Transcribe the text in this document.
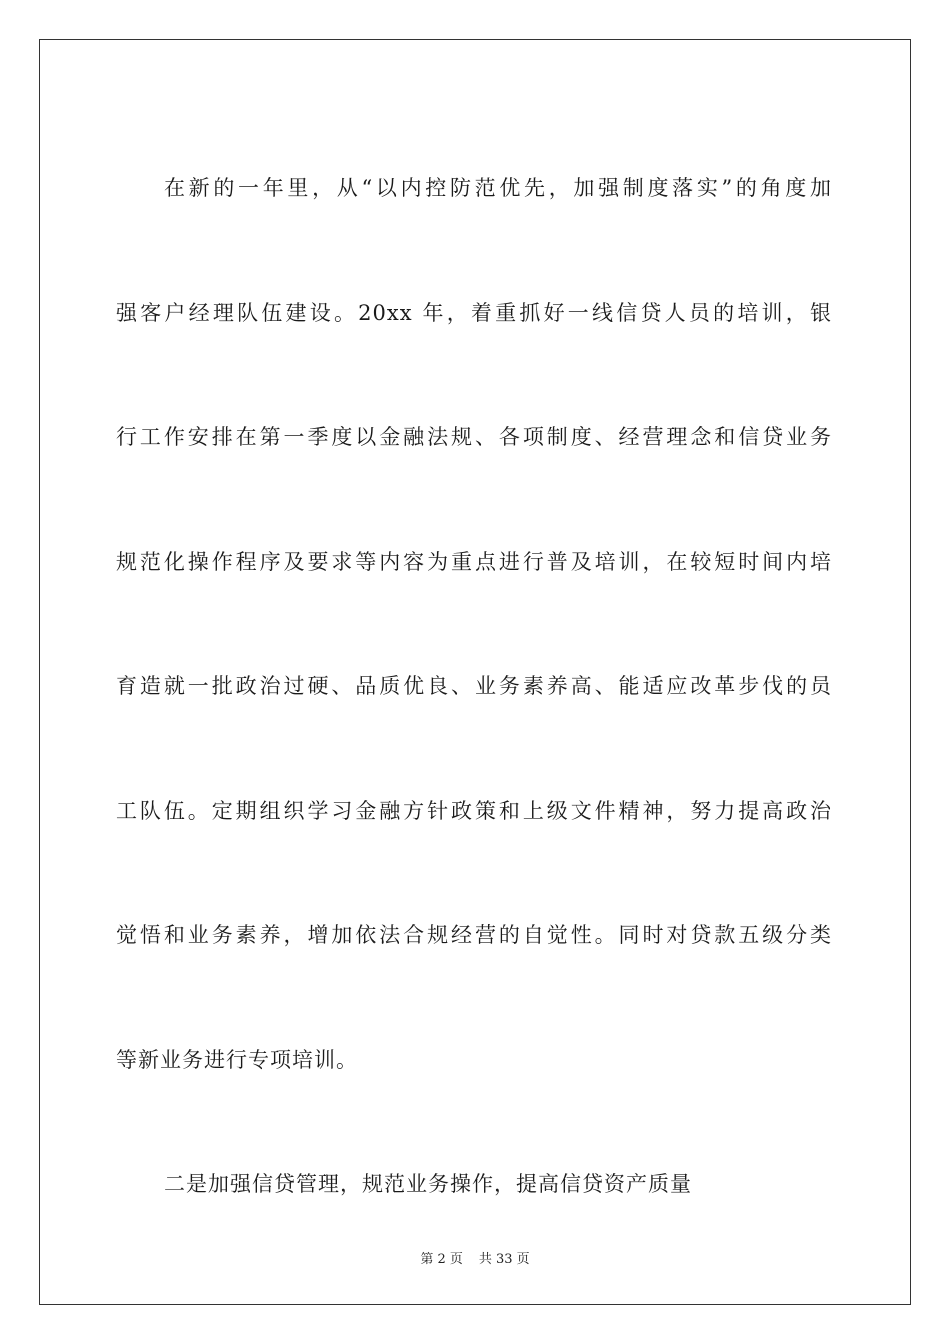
在新的一年里，从“以内控防范优先，加强制度落实”的角度加
强客户经理队伍建设。20xx 年，着重抓好一线信贷人员的培训，银
行工作安排在第一季度以金融法规、各项制度、经营理念和信贷业务
规范化操作程序及要求等内容为重点进行普及培训，在较短时间内培
育造就一批政治过硬、品质优良、业务素养高、能适应改革步伐的员
工队伍。定期组织学习金融方针政策和上级文件精神，努力提高政治
觉悟和业务素养，增加依法合规经营的自觉性。同时对贷款五级分类
等新业务进行专项培训。
二是加强信贷管理，规范业务操作，提高信贷资产质量
第 2 页 共 33 页
